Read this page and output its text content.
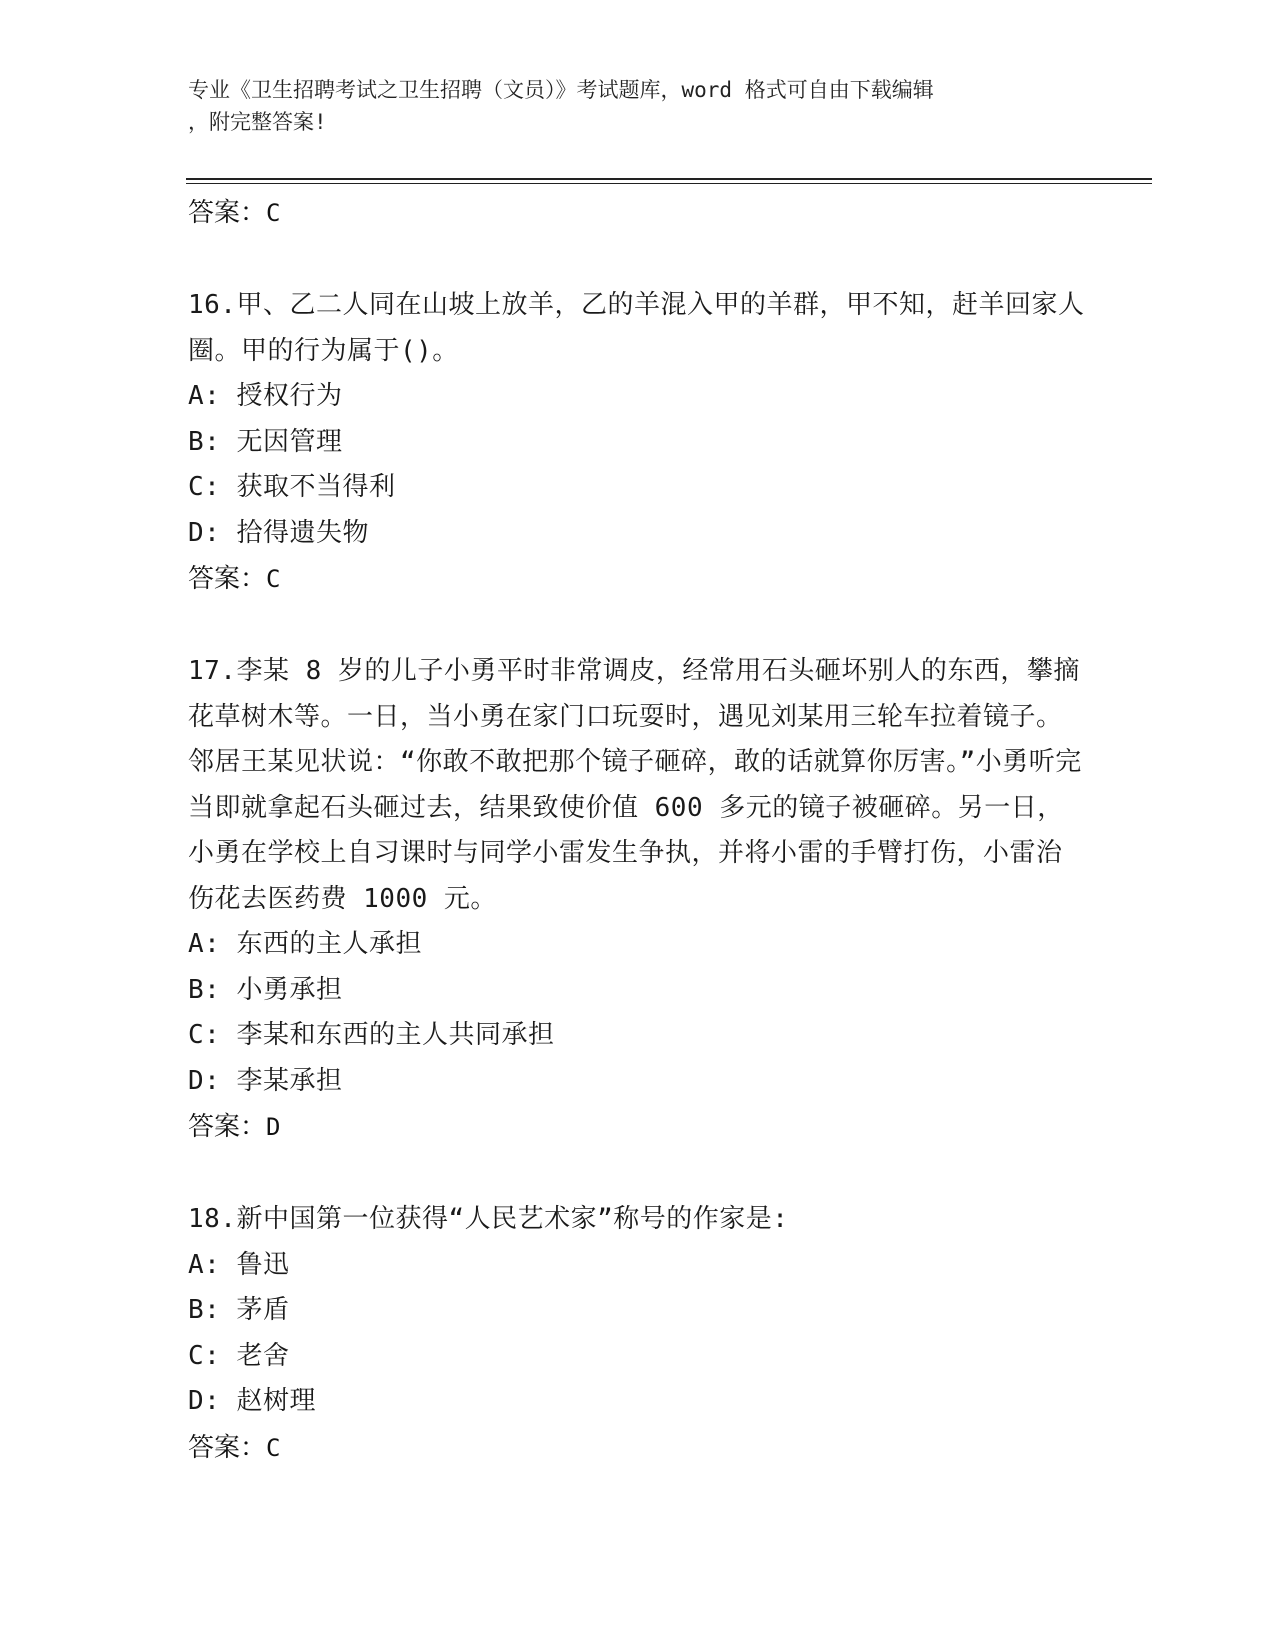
专业《卫生招聘考试之卫生招聘（文员）》考试题库，word 格式可自由下载编辑
，附完整答案!
答案：C
16.甲、乙二人同在山坡上放羊，乙的羊混入甲的羊群，甲不知，赶羊回家人圈。甲的行为属于()。
A: 授权行为
B: 无因管理
C: 获取不当得利
D: 拾得遗失物
答案：C
17.李某 8 岁的儿子小勇平时非常调皮，经常用石头砸坏别人的东西，攀摘花草树木等。一日，当小勇在家门口玩耍时，遇见刘某用三轮车拉着镜子。邻居王某见状说：“你敢不敢把那个镜子砸碎，敢的话就算你厉害。”小勇听完当即就拿起石头砸过去，结果致使价值 600 多元的镜子被砸碎。另一日，小勇在学校上自习课时与同学小雷发生争执，并将小雷的手臂打伤，小雷治伤花去医药费 1000 元。
A: 东西的主人承担
B: 小勇承担
C: 李某和东西的主人共同承担
D: 李某承担
答案：D
18.新中国第一位获得“人民艺术家”称号的作家是:
A: 鲁迅
B: 茅盾
C: 老舍
D: 赵树理
答案：C
